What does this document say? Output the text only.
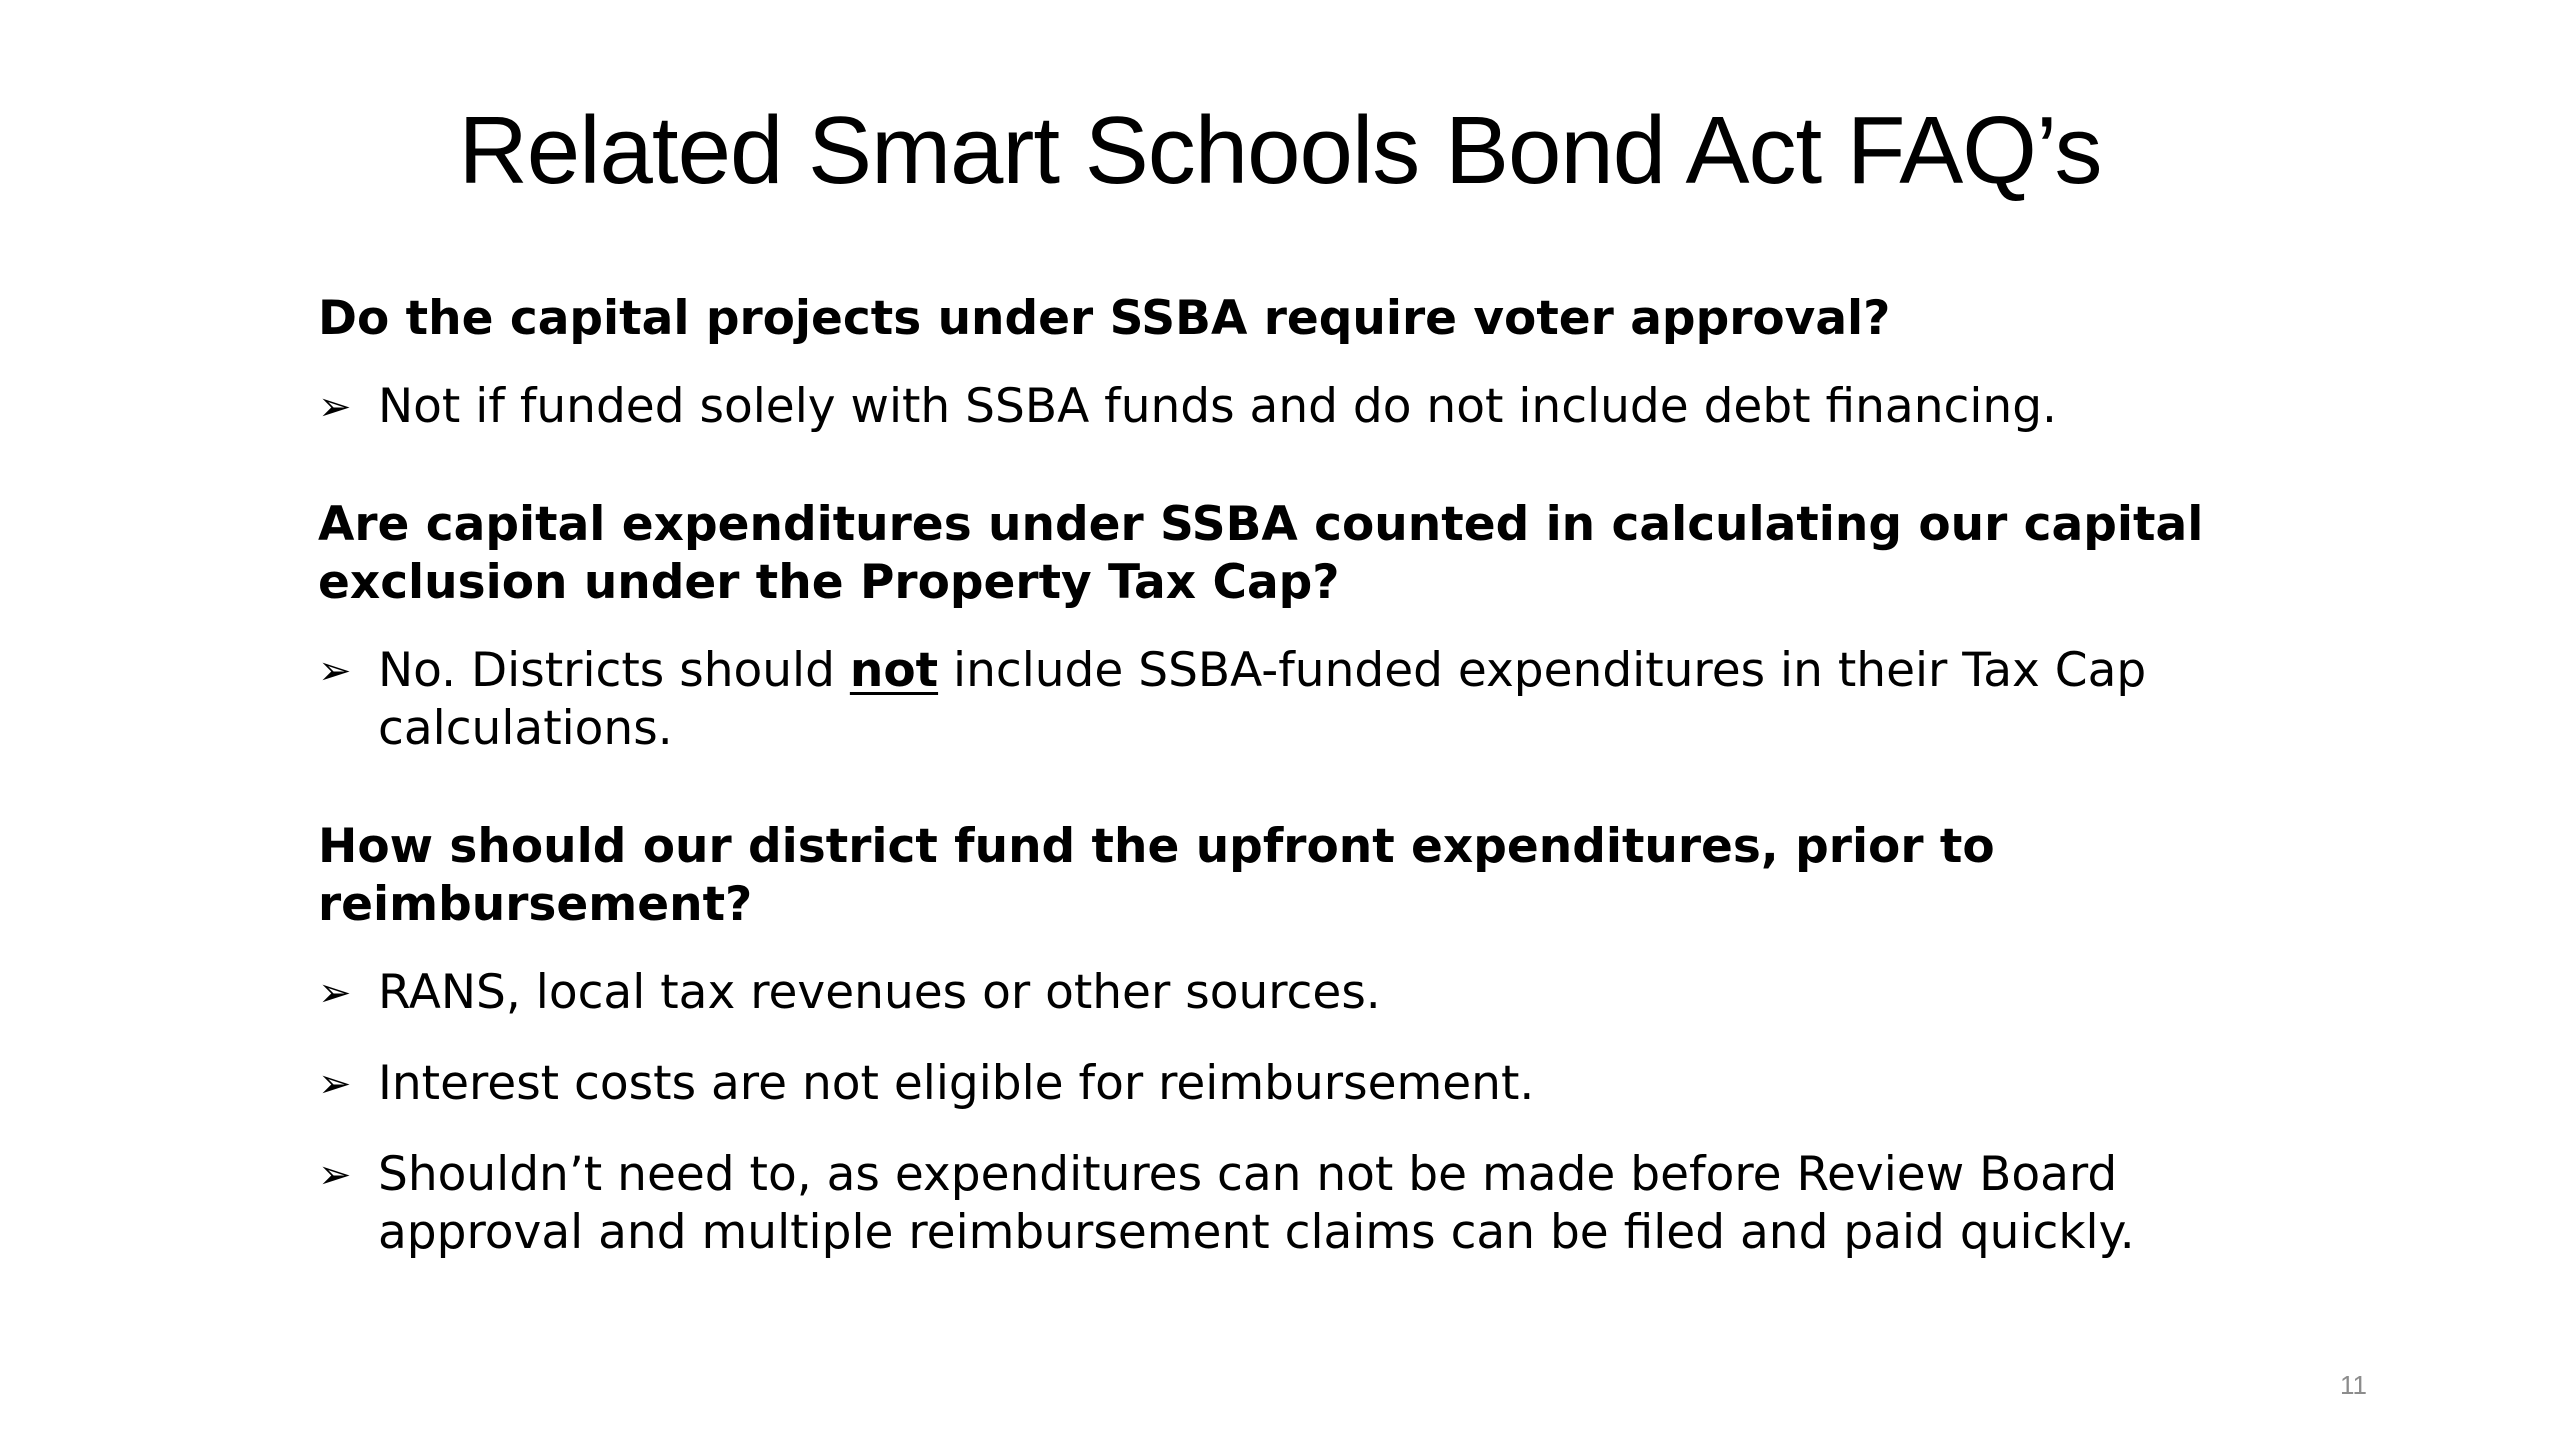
Related Smart Schools Bond Act FAQ’s

Do the capital projects under SSBA require voter approval?

➢ Not if funded solely with SSBA funds and do not include debt financing.

Are capital expenditures under SSBA counted in calculating our capital exclusion under the Property Tax Cap?

➢ No. Districts should not include SSBA-funded expenditures in their Tax Cap calculations.

How should our district fund the upfront expenditures, prior to reimbursement?

➢ RANS, local tax revenues or other sources.
➢ Interest costs are not eligible for reimbursement.
➢ Shouldn’t need to, as expenditures can not be made before Review Board approval and multiple reimbursement claims can be filed and paid quickly.
11
